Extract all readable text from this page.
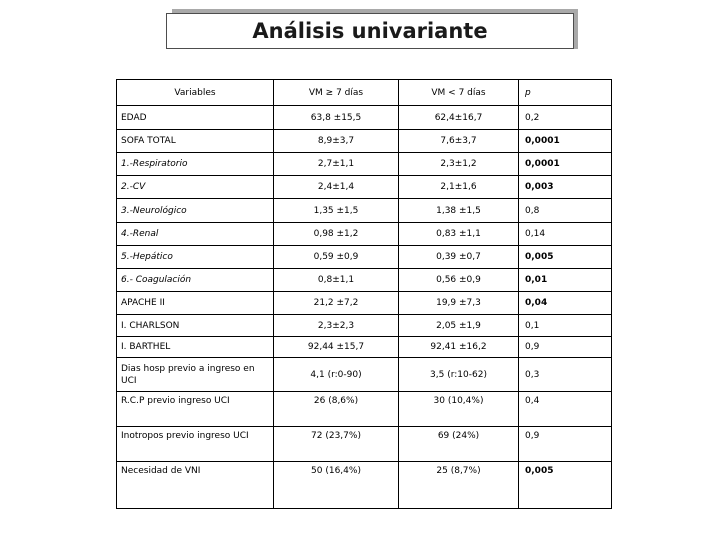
Análisis univariante
Variables	VM ≥ 7 días	VM < 7 días	p
EDAD	63,8 ±15,5	62,4±16,7	0,2
SOFA TOTAL	8,9±3,7	7,6±3,7	0,0001
1.-Respiratorio	2,7±1,1	2,3±1,2	0,0001
2.-CV	2,4±1,4	2,1±1,6	0,003
3.-Neurológico	1,35 ±1,5	1,38 ±1,5	0,8
4.-Renal	0,98 ±1,2	0,83 ±1,1	0,14
5.-Hepático	0,59 ±0,9	0,39 ±0,7	0,005
6.- Coagulación	0,8±1,1	0,56 ±0,9	0,01
APACHE II	21,2 ±7,2	19,9 ±7,3	0,04
I. CHARLSON	2,3±2,3	2,05 ±1,9	0,1
I. BARTHEL	92,44 ±15,7	92,41 ±16,2	0,9
Dias hosp previo a ingreso en UCI	4,1 (r:0-90)	3,5 (r:10-62)	0,3
R.C.P previo ingreso UCI	26 (8,6%)	30 (10,4%)	0,4
Inotropos previo ingreso UCI	72 (23,7%)	69 (24%)	0,9
Necesidad de VNI	50 (16,4%)	25 (8,7%)	0,005
